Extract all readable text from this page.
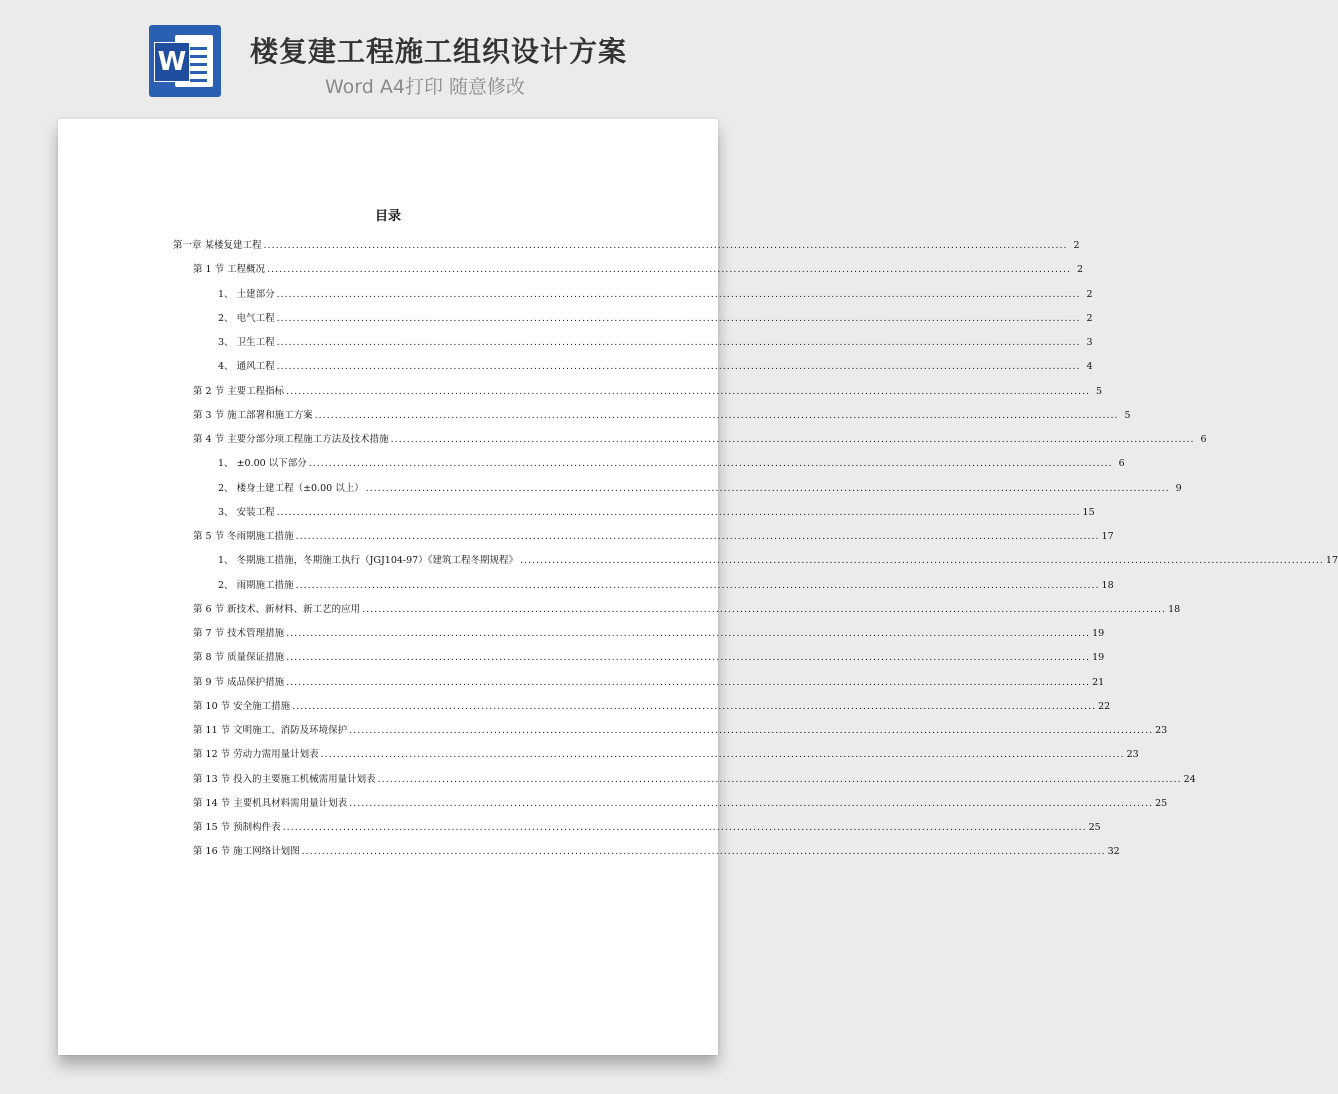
W 楼复建工程施工组织设计方案
Word A4打印 随意修改
目录
第一章 某楼复建工程 ........................................................................................................................................................................................................ 2
第 1 节 工程概况 ........................................................................................................................................................................................................ 2
1、 土建部分 ........................................................................................................................................................................................................ 2
2、 电气工程 ........................................................................................................................................................................................................ 2
3、 卫生工程 ........................................................................................................................................................................................................ 3
4、 通风工程 ........................................................................................................................................................................................................ 4
第 2 节 主要工程指标 ........................................................................................................................................................................................................ 5
第 3 节 施工部署和施工方案 ........................................................................................................................................................................................................ 5
第 4 节 主要分部分项工程施工方法及技术措施 ........................................................................................................................................................................................................ 6
1、 ±0.00 以下部分 ........................................................................................................................................................................................................ 6
2、 楼身土建工程（±0.00 以上） ........................................................................................................................................................................................................ 9
3、 安装工程 ........................................................................................................................................................................................................ 15
第 5 节 冬雨期施工措施 ........................................................................................................................................................................................................ 17
1、 冬期施工措施，冬期施工执行（JGJ104-97）《建筑工程冬期规程》 ........................................................................................................................................................................................................ 17
2、 雨期施工措施 ........................................................................................................................................................................................................ 18
第 6 节 新技术、新材料、新工艺的应用 ........................................................................................................................................................................................................ 18
第 7 节 技术管理措施 ........................................................................................................................................................................................................ 19
第 8 节 质量保证措施 ........................................................................................................................................................................................................ 19
第 9 节 成品保护措施 ........................................................................................................................................................................................................ 21
第 10 节 安全施工措施 ........................................................................................................................................................................................................ 22
第 11 节 文明施工、消防及环境保护 ........................................................................................................................................................................................................ 23
第 12 节 劳动力需用量计划表 ........................................................................................................................................................................................................ 23
第 13 节 投入的主要施工机械需用量计划表 ........................................................................................................................................................................................................ 24
第 14 节 主要机具材料需用量计划表 ........................................................................................................................................................................................................ 25
第 15 节 预制构件表 ........................................................................................................................................................................................................ 25
第 16 节 施工网络计划图 ........................................................................................................................................................................................................ 32
